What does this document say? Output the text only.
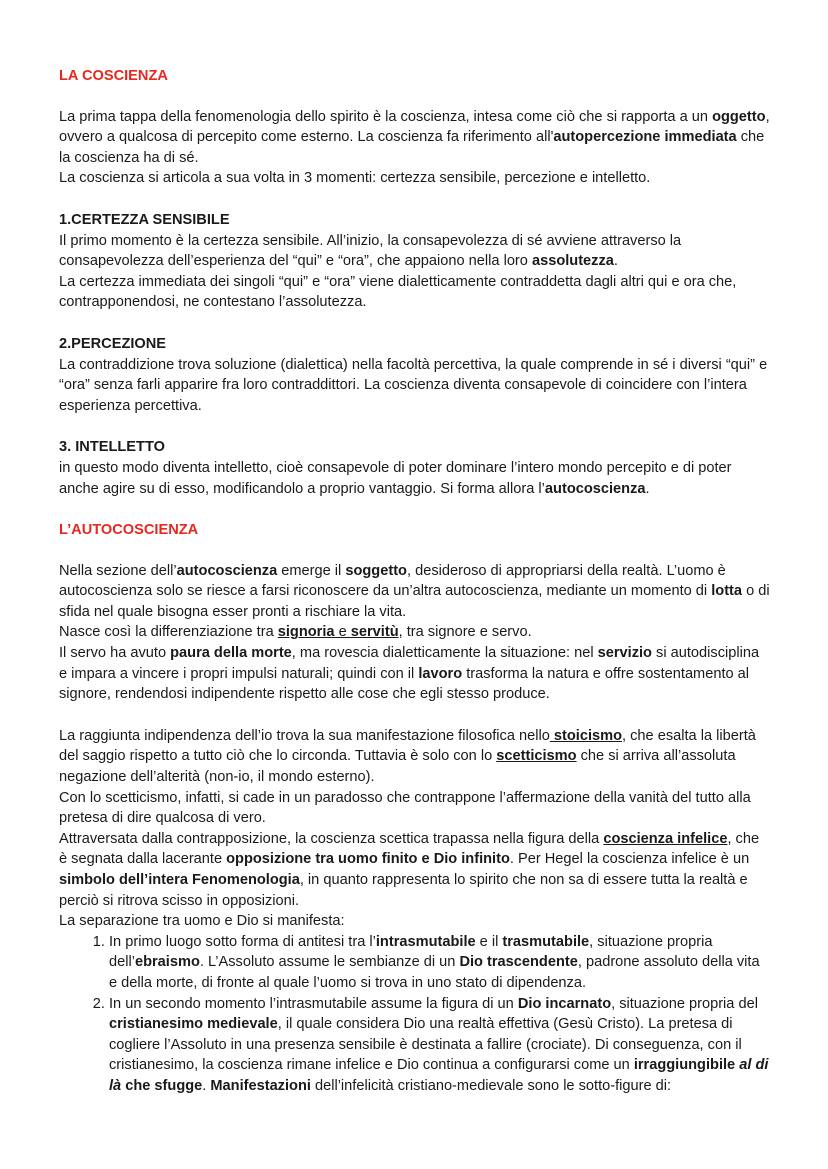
LA COSCIENZA

La prima tappa della fenomenologia dello spirito è la coscienza, intesa come ciò che si rapporta a un oggetto, ovvero a qualcosa di percepito come esterno. La coscienza fa riferimento all'autopercezione immediata che la coscienza ha di sé.

La coscienza si articola a sua volta in 3 momenti: certezza sensibile, percezione e intelletto.

1.CERTEZZA SENSIBILE

Il primo momento è la certezza sensibile. All’inizio, la consapevolezza di sé avviene attraverso la consapevolezza dell’esperienza del “qui” e “ora”, che appaiono nella loro assolutezza.

La certezza immediata dei singoli “qui” e “ora” viene dialetticamente contraddetta dagli altri qui e ora che, contrapponendosi, ne contestano l’assolutezza.

2.PERCEZIONE

La contraddizione trova soluzione (dialettica) nella facoltà percettiva, la quale comprende in sé i diversi “qui” e “ora” senza farli apparire fra loro contraddittori. La coscienza diventa consapevole di coincidere con l’intera esperienza percettiva.

3. INTELLETTO

in questo modo diventa intelletto, cioè consapevole di poter dominare l’intero mondo percepito e di poter anche agire su di esso, modificandolo a proprio vantaggio. Si forma allora l’autocoscienza.

L’AUTOCOSCIENZA

Nella sezione dell’autocoscienza emerge il soggetto, desideroso di appropriarsi della realtà. L’uomo è autocoscienza solo se riesce a farsi riconoscere da un’altra autocoscienza, mediante un momento di lotta o di sfida nel quale bisogna esser pronti a rischiare la vita.

Nasce così la differenziazione tra signoria e servitù, tra signore e servo.

Il servo ha avuto paura della morte, ma rovescia dialetticamente la situazione: nel servizio si autodisciplina e impara a vincere i propri impulsi naturali; quindi con il lavoro trasforma la natura e offre sostentamento al signore, rendendosi indipendente rispetto alle cose che egli stesso produce.

La raggiunta indipendenza dell’io trova la sua manifestazione filosofica nello stoicismo, che esalta la libertà del saggio rispetto a tutto ciò che lo circonda. Tuttavia è solo con lo scetticismo che si arriva all’assoluta negazione dell’alterità (non-io, il mondo esterno).

Con lo scetticismo, infatti, si cade in un paradosso che contrappone l’affermazione della vanità del tutto alla pretesa di dire qualcosa di vero.

Attraversata dalla contrapposizione, la coscienza scettica trapassa nella figura della coscienza infelice, che è segnata dalla lacerante opposizione tra uomo finito e Dio infinito. Per Hegel la coscienza infelice è un simbolo dell’intera Fenomenologia, in quanto rappresenta lo spirito che non sa di essere tutta la realtà e perciò si ritrova scisso in opposizioni.

La separazione tra uomo e Dio si manifesta:

1. In primo luogo sotto forma di antitesi tra l’intrasmutabile e il trasmutabile, situazione propria dell’ebraismo. L’Assoluto assume le sembianze di un Dio trascendente, padrone assoluto della vita e della morte, di fronte al quale l’uomo si trova in uno stato di dipendenza.
2. In un secondo momento l’intrasmutabile assume la figura di un Dio incarnato, situazione propria del cristianesimo medievale, il quale considera Dio una realtà effettiva (Gesù Cristo). La pretesa di cogliere l’Assoluto in una presenza sensibile è destinata a fallire (crociate). Di conseguenza, con il cristianesimo, la coscienza rimane infelice e Dio continua a configurarsi come un irraggiungibile al di là che sfugge. Manifestazioni dell’infelicità cristiano-medievale sono le sotto-figure di:
